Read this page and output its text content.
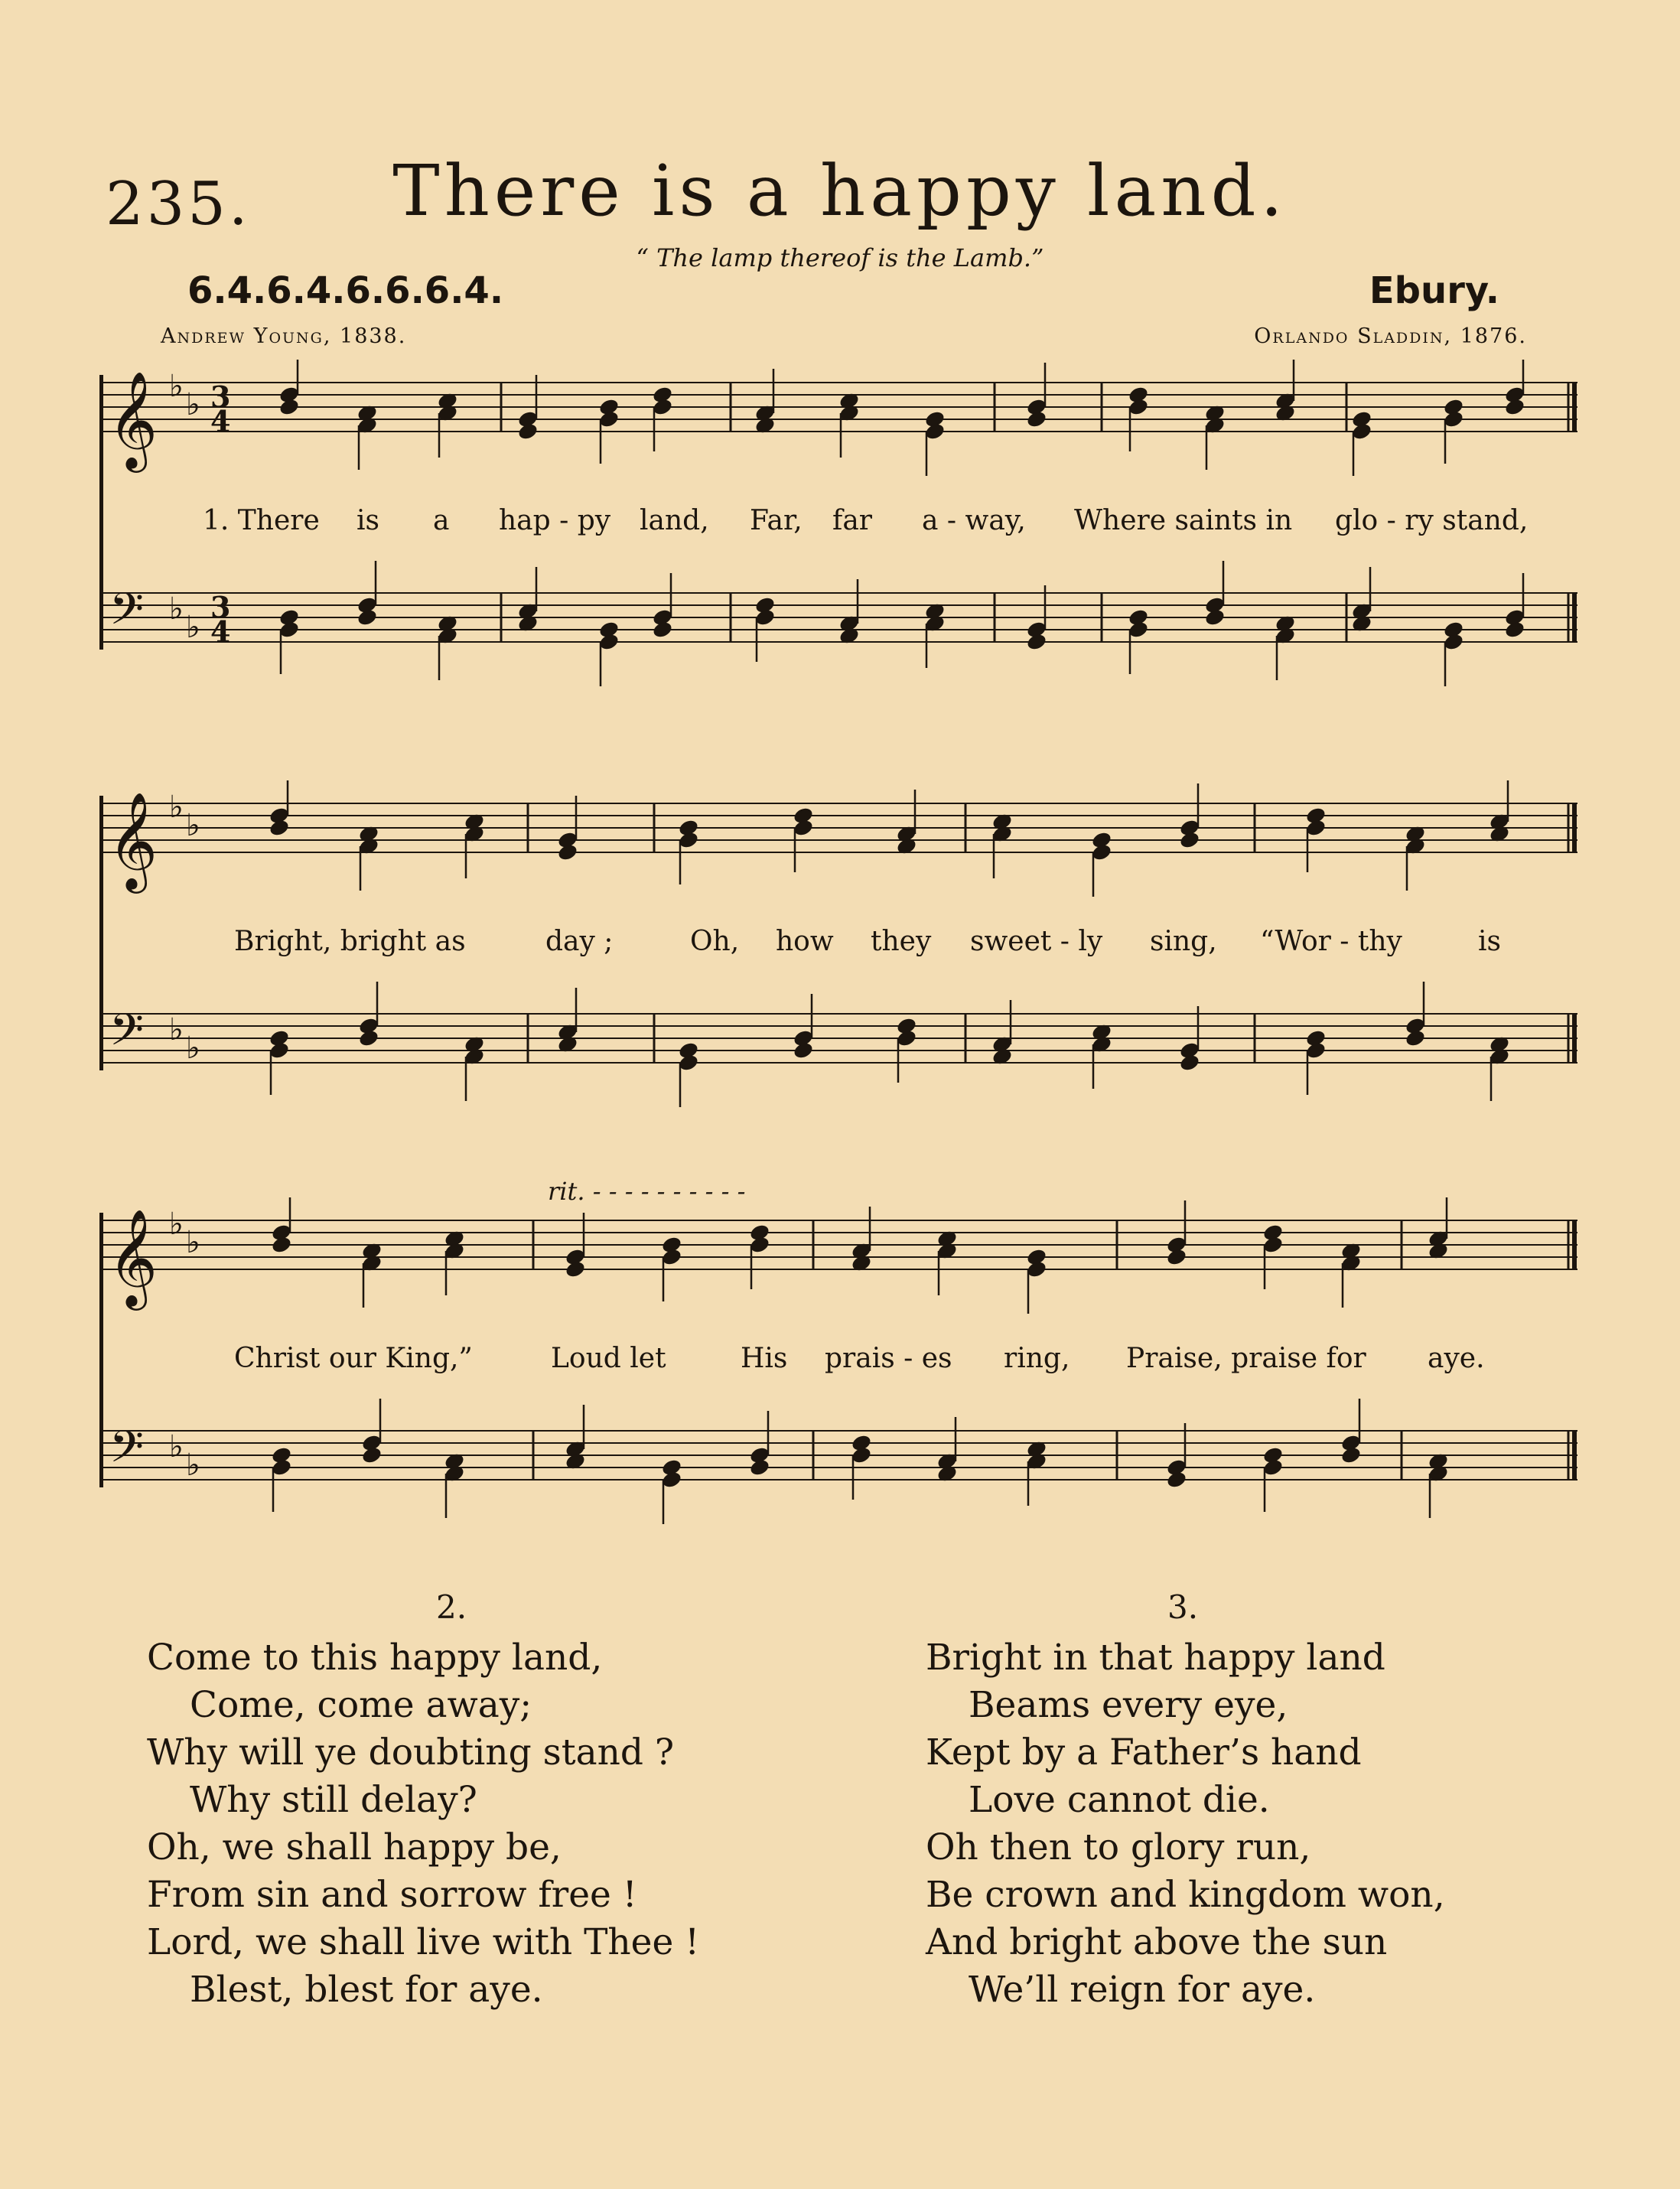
235.	There is a happy land.
“ The lamp thereof is the Lamb.”
6.4.6.4.6.6.6.4.	Ebury.
Andrew Young, 1838.	Orlando Sladdin, 1876.
𝄞 ♭
♭ 3
4
𝄢 ♭
♭
3
4
1. There is a hap - py land, Far, far a - way, Where saints in glo - ry stand,
𝄞 ♭
♭
𝄢 ♭
♭
Bright, bright as	day ;	Oh, how they sweet - ly sing, “Wor - thy	is
𝄞 ♭
♭
𝄢 ♭
♭
Christ our King,”	Loud let	His prais - es ring, Praise, praise for aye.
rit. - - - - - - - - - -
2.	3.
Come to this happy land,
Come, come away;
Why will ye doubting stand ?
Why still delay?
Oh, we shall happy be,
From sin and sorrow free !
Lord, we shall live with Thee !
Blest, blest for aye.
Bright in that happy land
Beams every eye,
Kept by a Father’s hand
Love cannot die.
Oh then to glory run,
Be crown and kingdom won,
And bright above the sun
We’ll reign for aye.
